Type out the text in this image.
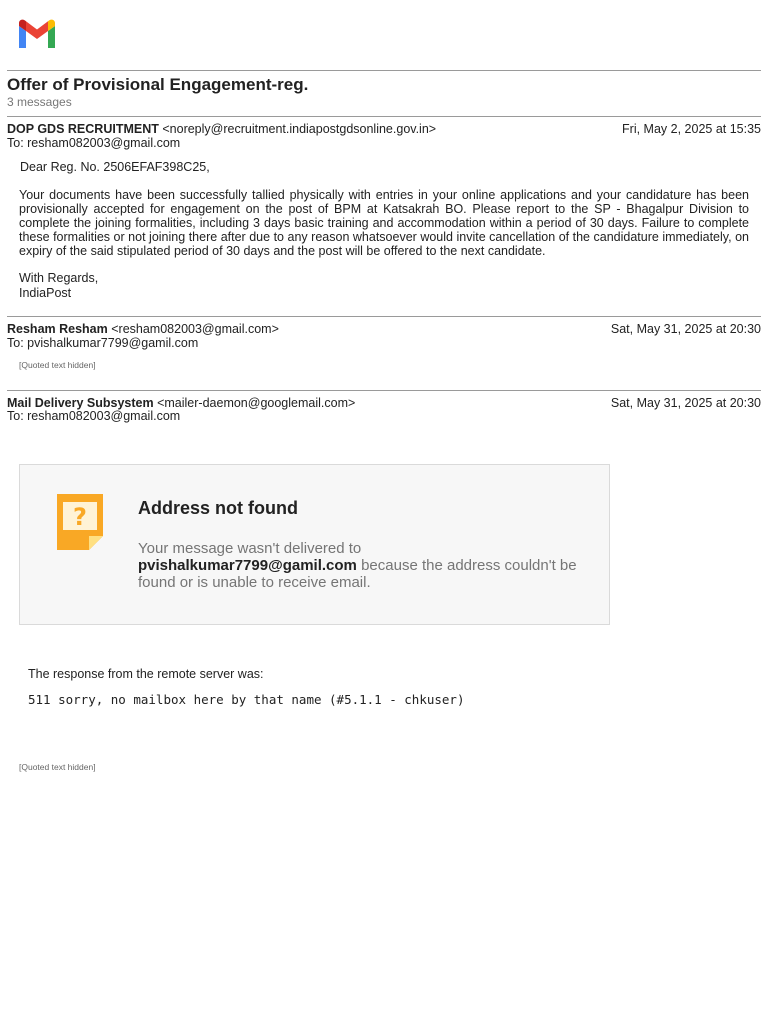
Offer of Provisional Engagement-reg.
3 messages
DOP GDS RECRUITMENT <noreply@recruitment.indiapostgdsonline.gov.in>	Fri, May 2, 2025 at 15:35
To: resham082003@gmail.com
Dear Reg. No. 2506EFAF398C25,
Your documents have been successfully tallied physically with entries in your online applications and your candidature has been provisionally accepted for engagement on the post of BPM at Katsakrah BO. Please report to the SP - Bhagalpur Division to complete the joining formalities, including 3 days basic training and accommodation within a period of 30 days. Failure to complete these formalities or not joining there after due to any reason whatsoever would invite cancellation of the candidature immediately, on expiry of the said stipulated period of 30 days and the post will be offered to the next candidate.
With Regards,
IndiaPost
Resham Resham <resham082003@gmail.com>	Sat, May 31, 2025 at 20:30
To: pvishalkumar7799@gamil.com
[Quoted text hidden]
Mail Delivery Subsystem <mailer-daemon@googlemail.com>	Sat, May 31, 2025 at 20:30
To: resham082003@gmail.com
?	Address not found
Your message wasn't delivered to
pvishalkumar7799@gamil.com because the address couldn't be found or is unable to receive email.
The response from the remote server was:
511 sorry, no mailbox here by that name (#5.1.1 - chkuser)
[Quoted text hidden]
